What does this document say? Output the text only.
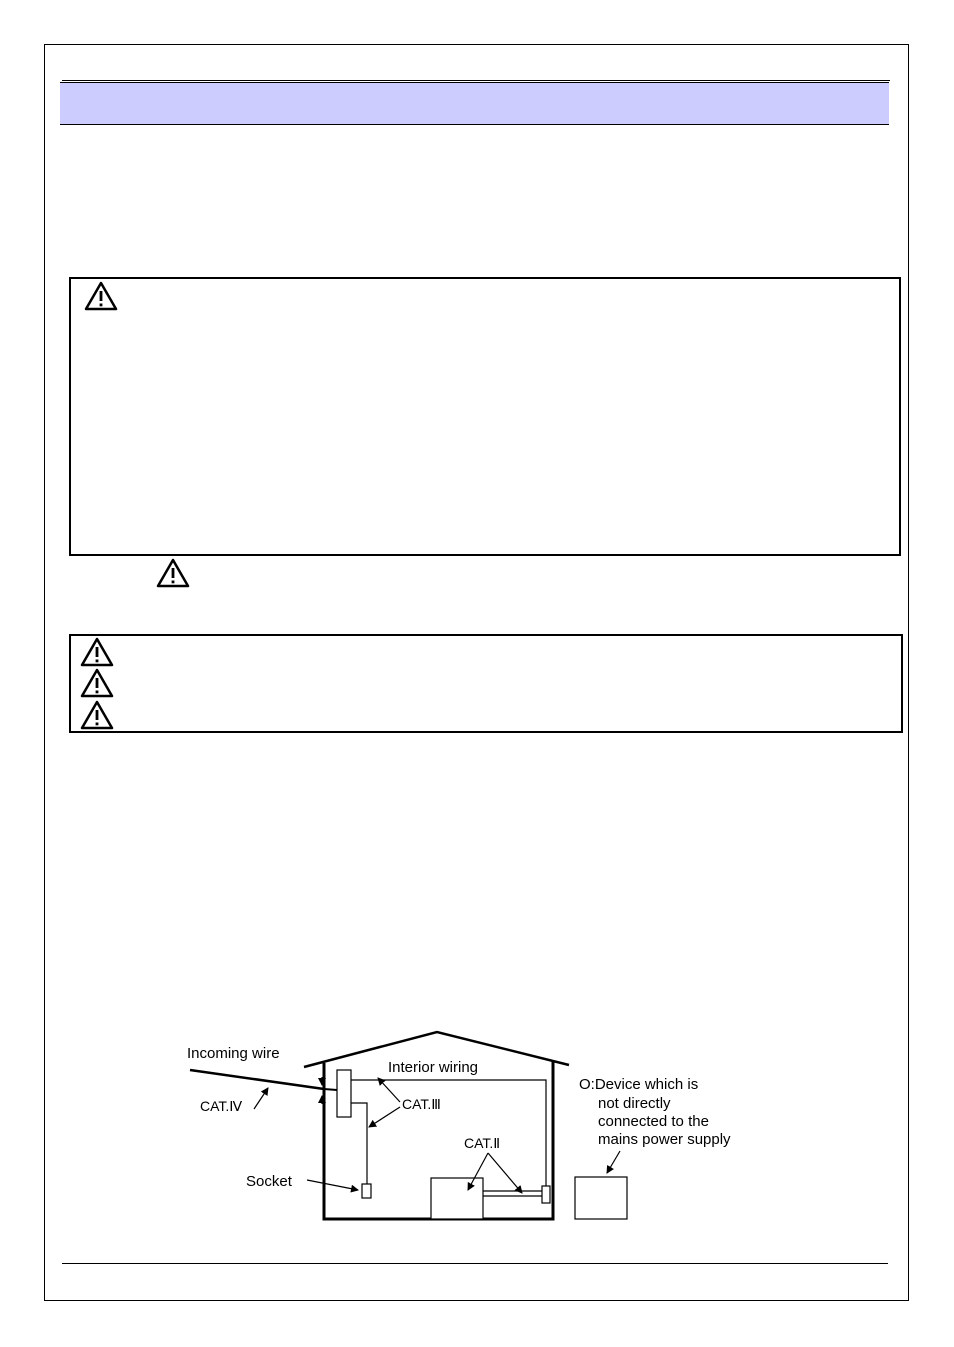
Incoming wire
Interior wiring
CAT.Ⅳ	CAT.Ⅲ
CAT.Ⅱ
Socket
O:Device which is
not directly
connected to the
mains power supply
